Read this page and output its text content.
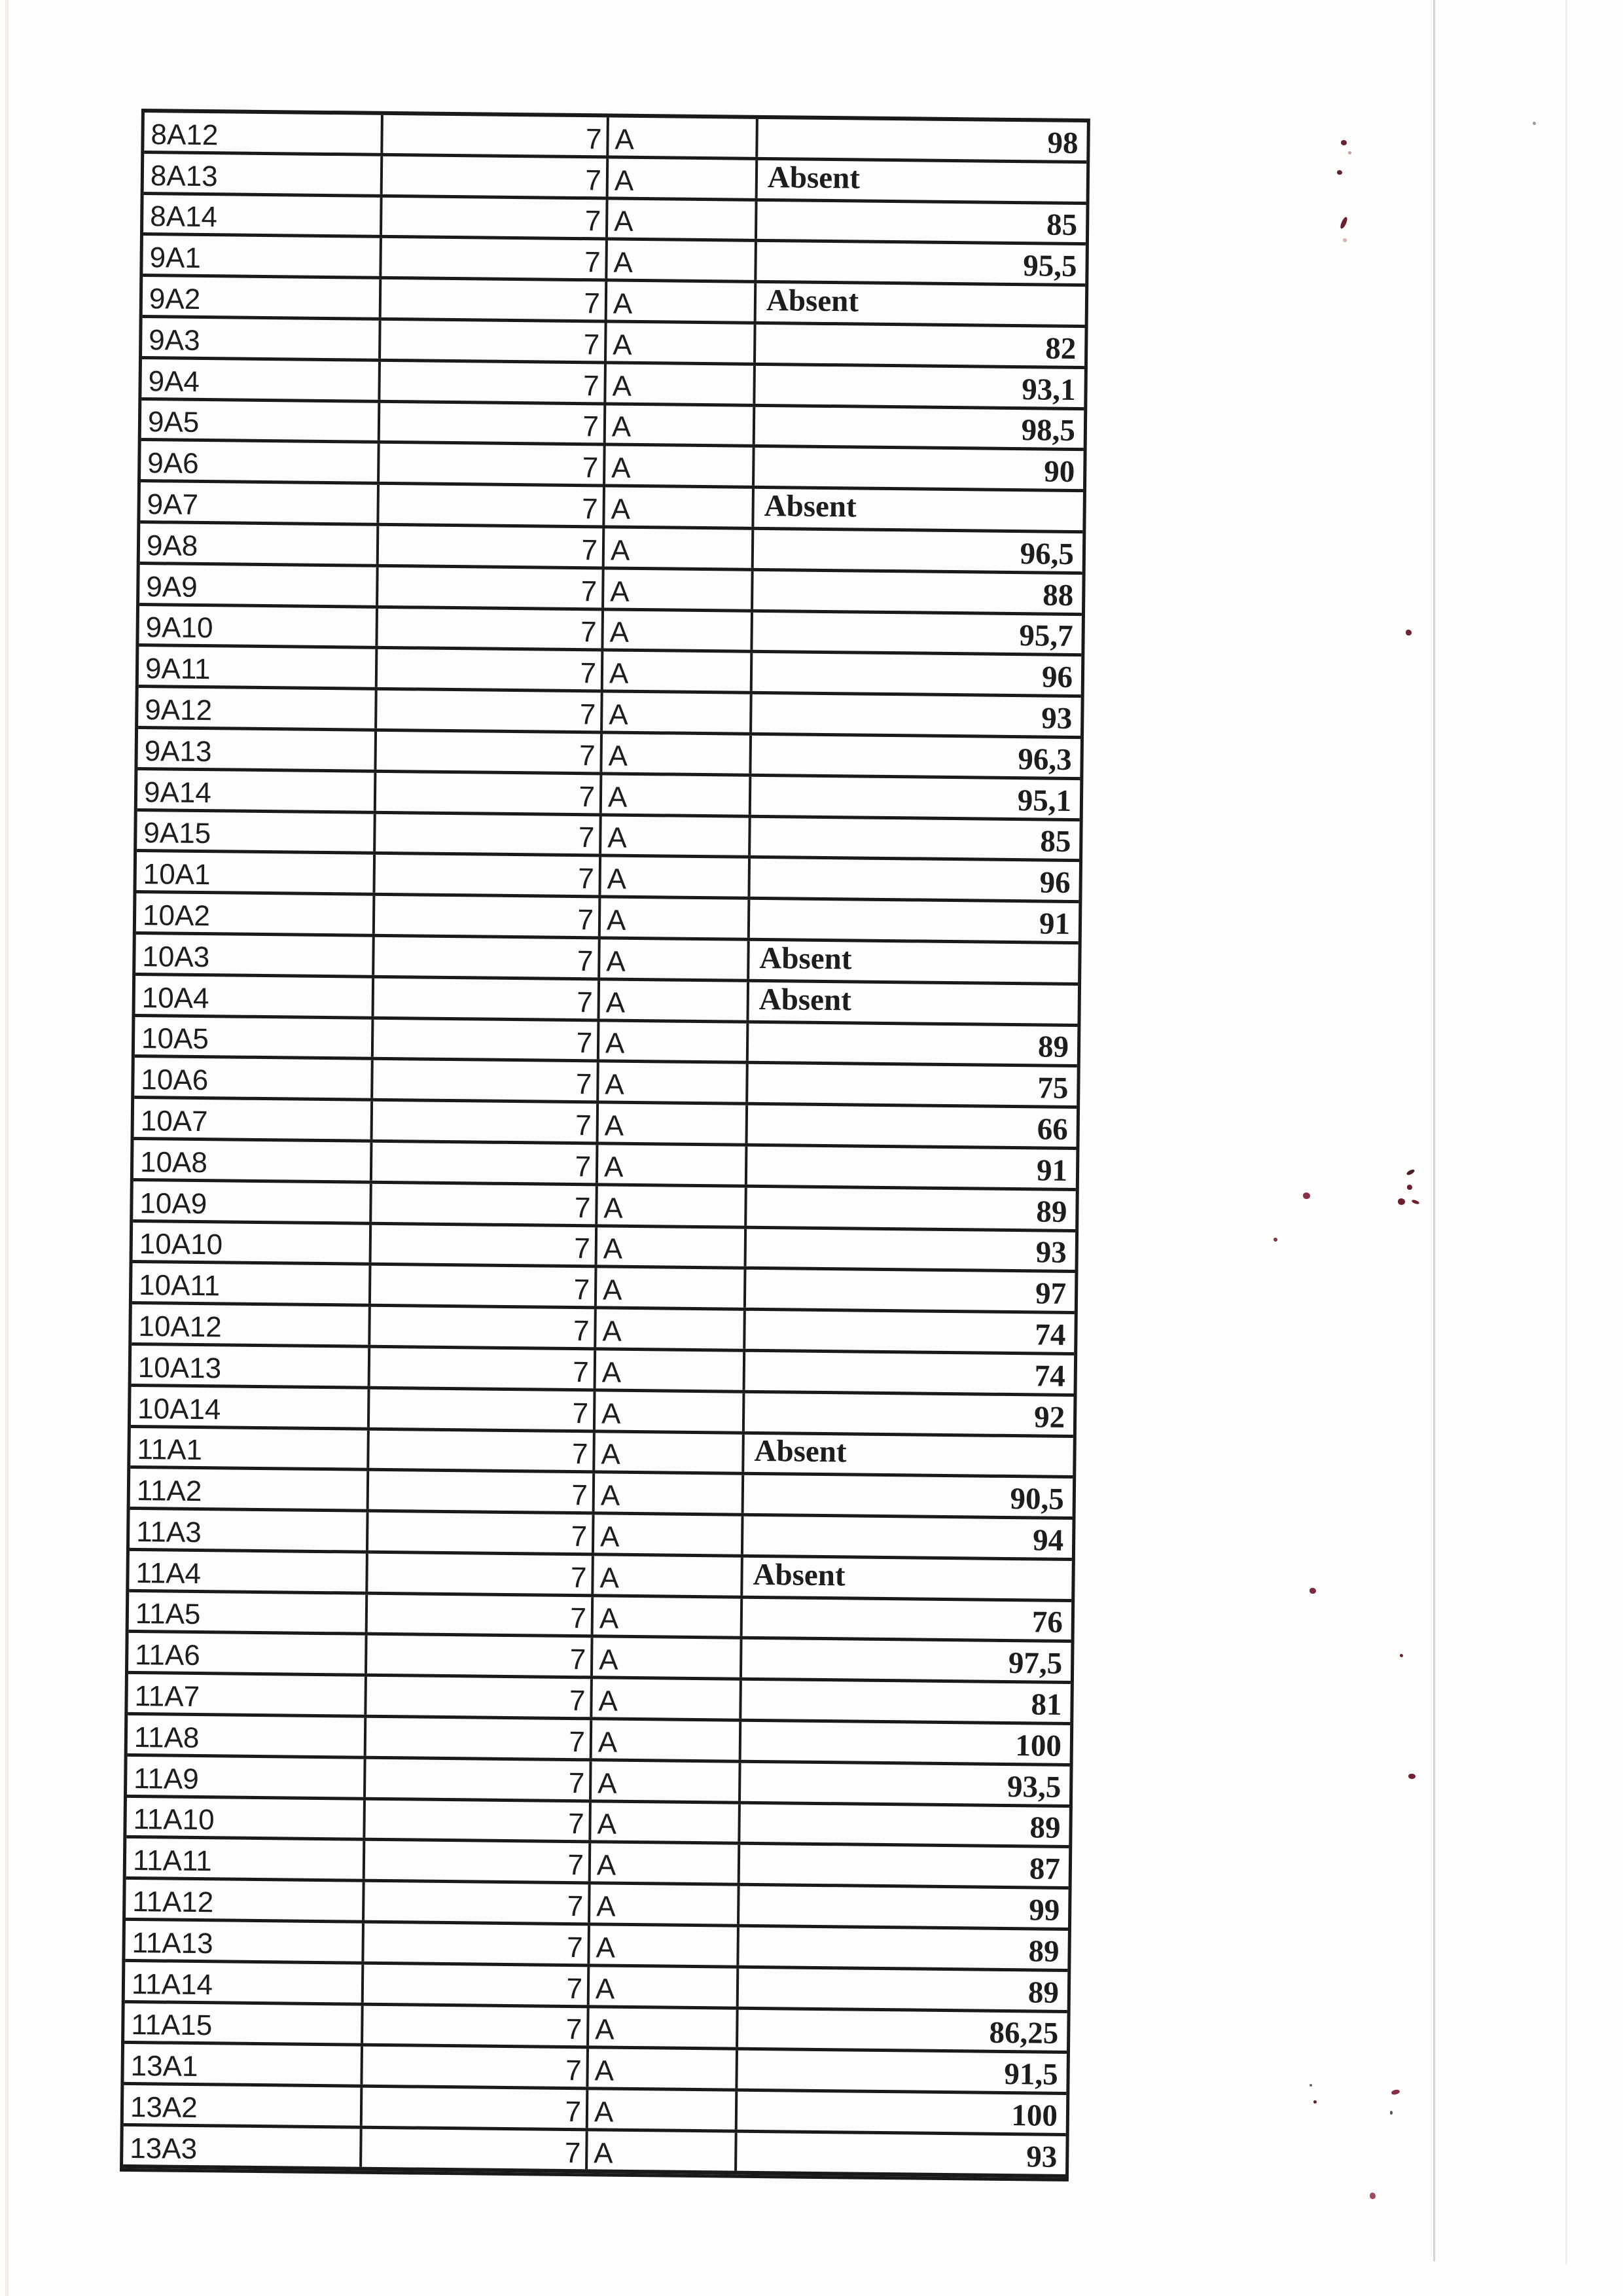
8A12	7 A	98
8A13	7 A	Absent
8A14	7 A	85
9A1	7 A	95,5
9A2	7 A	Absent
9A3	7 A	82
9A4	7 A	93,1
9A5	7 A	98,5
9A6	7 A	90
9A7	7 A	Absent
9A8	7 A	96,5
9A9	7 A	88
9A10	7 A	95,7
9A11	7 A	96
9A12	7 A	93
9A13	7 A	96,3
9A14	7 A	95,1
9A15	7 A	85
10A1	7 A	96
10A2	7 A	91
10A3	7 A	Absent
10A4	7 A	Absent
10A5	7 A	89
10A6	7 A	75
10A7	7 A	66
10A8	7 A	91
10A9	7 A	89
10A10	7 A	93
10A11	7 A	97
10A12	7 A	74
10A13	7 A	74
10A14	7 A	92
11A1	7 A	Absent
11A2	7 A	90,5
11A3	7 A	94
11A4	7 A	Absent
11A5	7 A	76
11A6	7 A	97,5
11A7	7 A	81
11A8	7 A	100
11A9	7 A	93,5
11A10	7 A	89
11A11	7 A	87
11A12	7 A	99
11A13	7 A	89
11A14	7 A	89
11A15	7 A	86,25
13A1	7 A	91,5
13A2	7 A	100
13A3	7 A	93
